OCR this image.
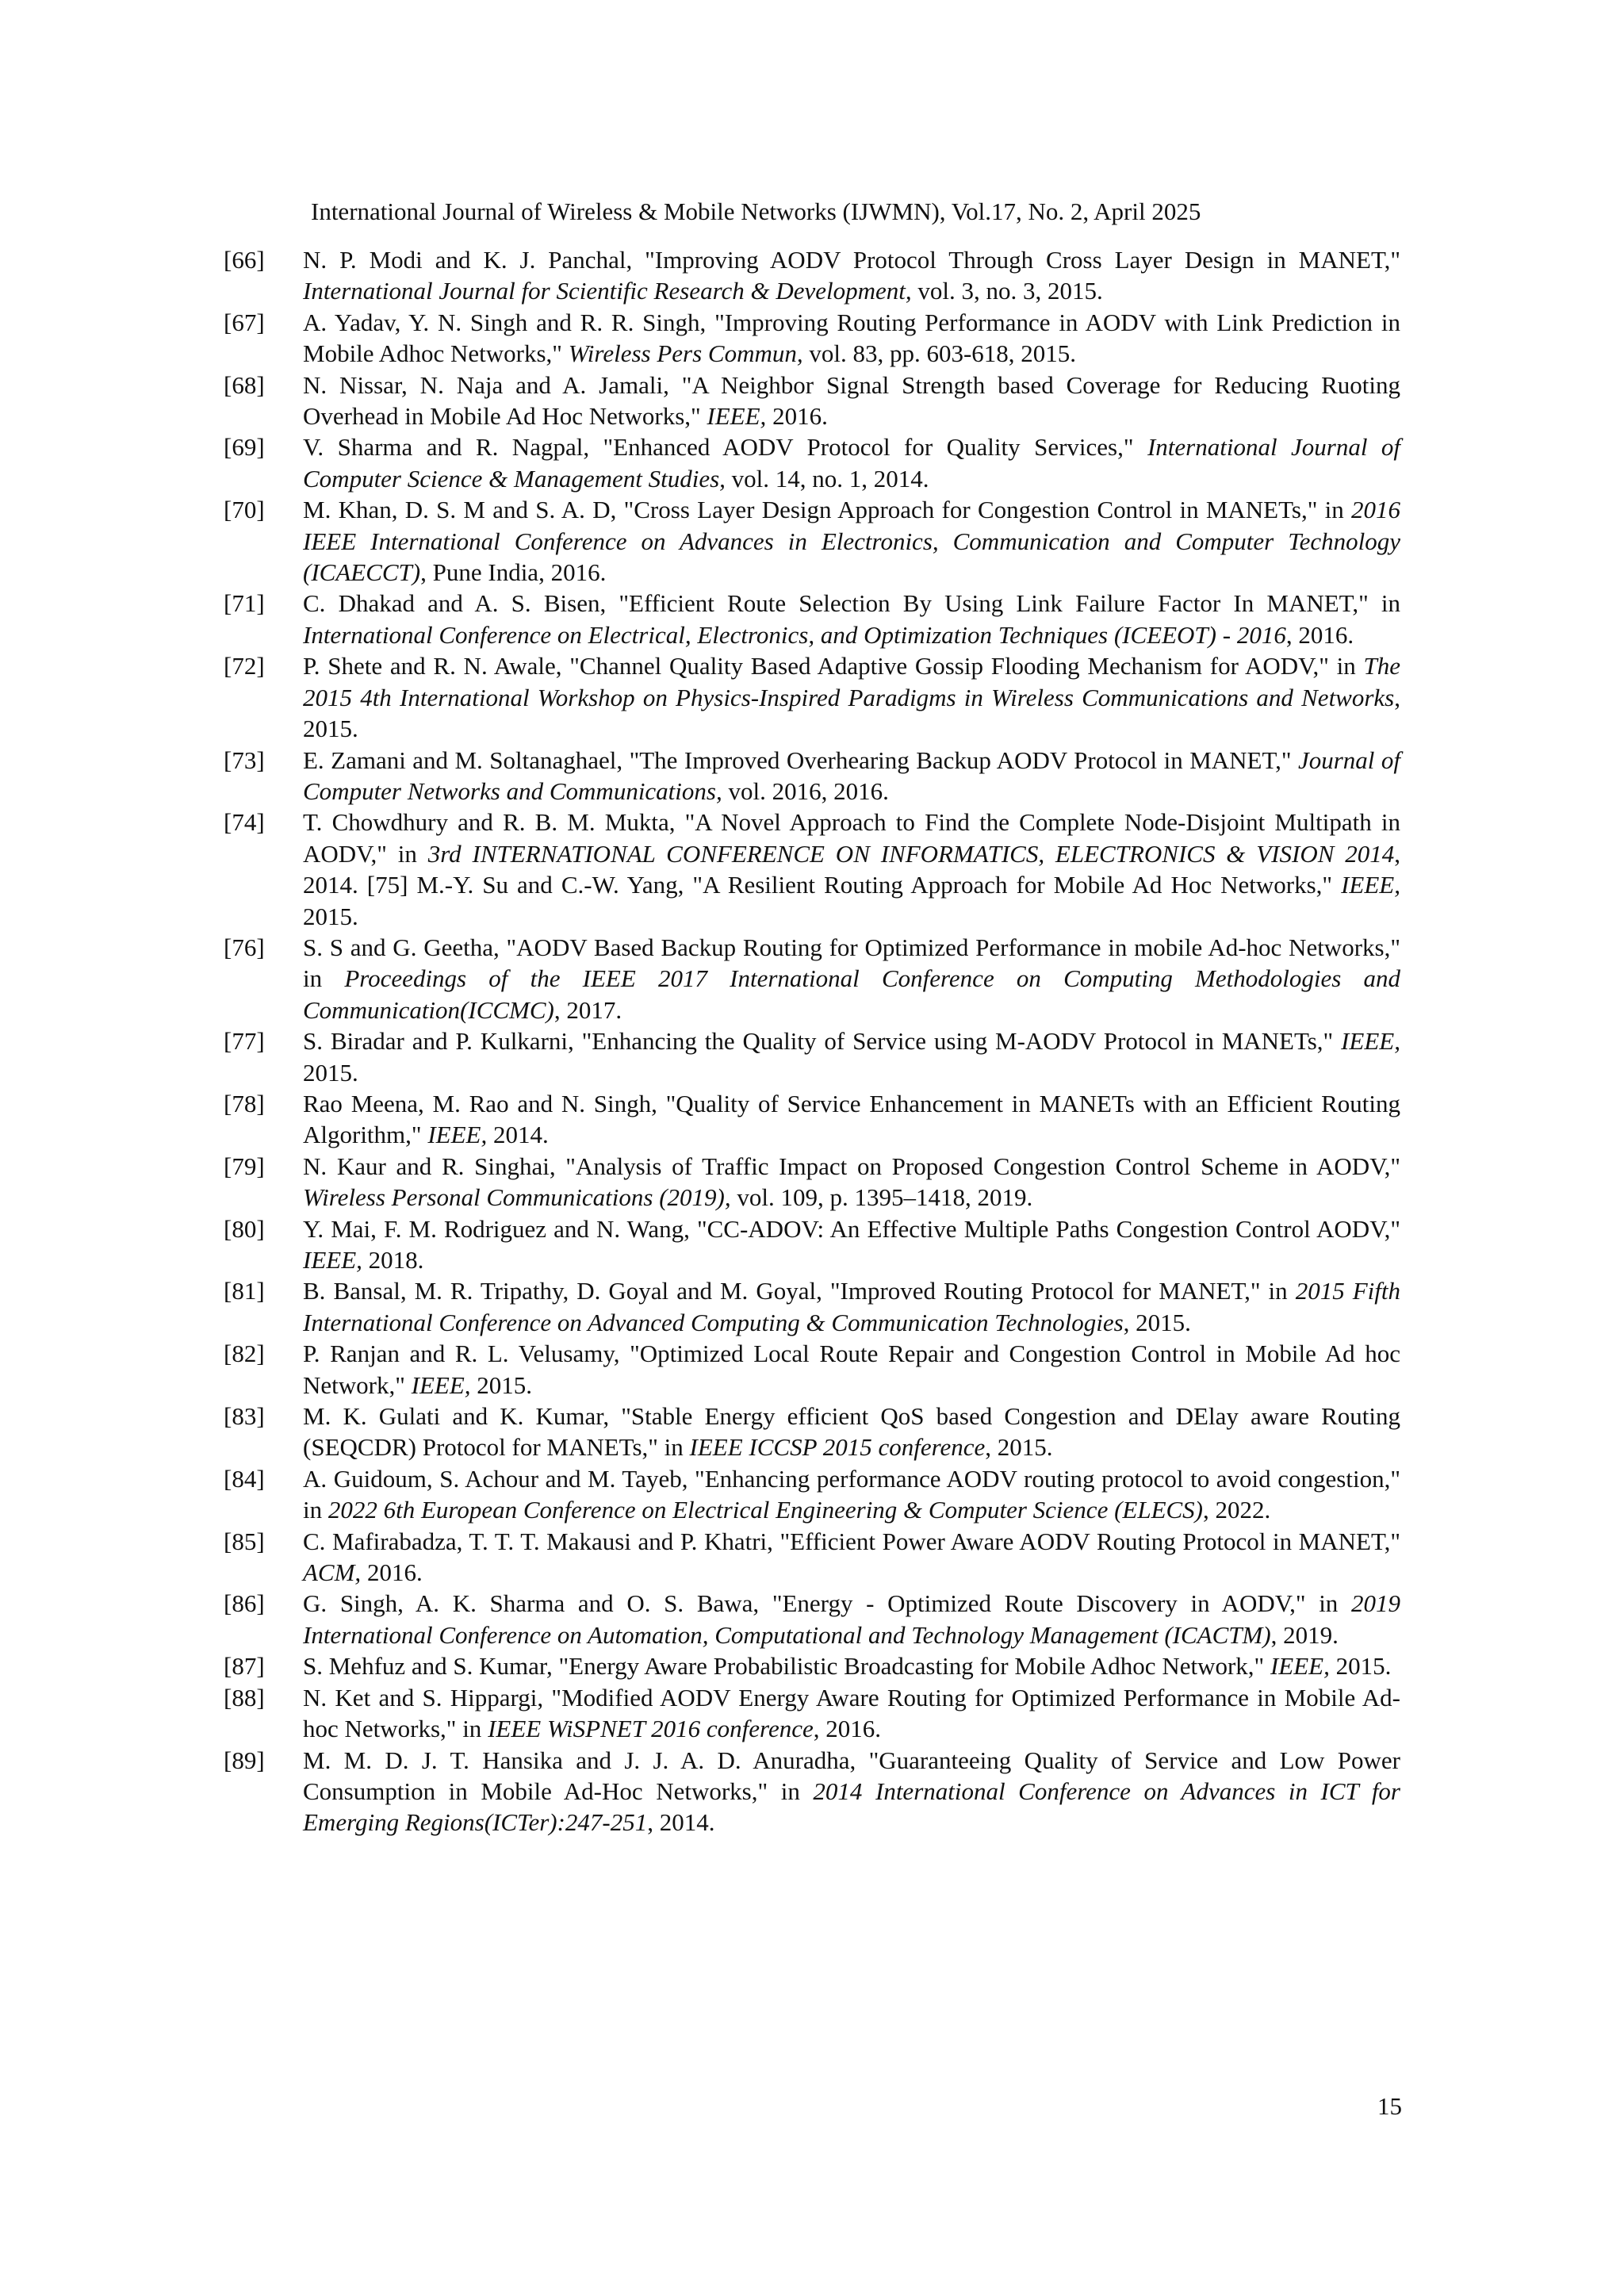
International Journal of Wireless & Mobile Networks (IJWMN), Vol.17, No. 2, April 2025
[66]	N. P. Modi and K. J. Panchal, "Improving AODV Protocol Through Cross Layer Design in MANET," International Journal for Scientific Research & Development, vol. 3, no. 3, 2015.
[67]	A. Yadav, Y. N. Singh and R. R. Singh, "Improving Routing Performance in AODV with Link Prediction in Mobile Adhoc Networks," Wireless Pers Commun, vol. 83, pp. 603-618, 2015.
[68]	N. Nissar, N. Naja and A. Jamali, "A Neighbor Signal Strength based Coverage for Reducing Ruoting Overhead in Mobile Ad Hoc Networks," IEEE, 2016.
[69]	V. Sharma and R. Nagpal, "Enhanced AODV Protocol for Quality Services," International Journal of Computer Science & Management Studies, vol. 14, no. 1, 2014.
[70]	M. Khan, D. S. M and S. A. D, "Cross Layer Design Approach for Congestion Control in MANETs," in 2016 IEEE International Conference on Advances in Electronics, Communication and Computer Technology (ICAECCT), Pune India, 2016.
[71]	C. Dhakad and A. S. Bisen, "Efficient Route Selection By Using Link Failure Factor In MANET," in International Conference on Electrical, Electronics, and Optimization Techniques (ICEEOT) - 2016, 2016.
[72]	P. Shete and R. N. Awale, "Channel Quality Based Adaptive Gossip Flooding Mechanism for AODV," in The 2015 4th International Workshop on Physics-Inspired Paradigms in Wireless Communications and Networks, 2015.
[73]	E. Zamani and M. Soltanaghael, "The Improved Overhearing Backup AODV Protocol in MANET," Journal of Computer Networks and Communications, vol. 2016, 2016.
[74]	T. Chowdhury and R. B. M. Mukta, "A Novel Approach to Find the Complete Node-Disjoint Multipath in AODV," in 3rd INTERNATIONAL CONFERENCE ON INFORMATICS, ELECTRONICS & VISION 2014, 2014. [75] M.-Y. Su and C.-W. Yang, "A Resilient Routing Approach for Mobile Ad Hoc Networks," IEEE, 2015.
[76]	S. S and G. Geetha, "AODV Based Backup Routing for Optimized Performance in mobile Ad-hoc Networks," in Proceedings of the IEEE 2017 International Conference on Computing Methodologies and Communication(ICCMC), 2017.
[77]	S. Biradar and P. Kulkarni, "Enhancing the Quality of Service using M-AODV Protocol in MANETs," IEEE, 2015.
[78]	Rao Meena, M. Rao and N. Singh, "Quality of Service Enhancement in MANETs with an Efficient Routing Algorithm," IEEE, 2014.
[79]	N. Kaur and R. Singhai, "Analysis of Traffic Impact on Proposed Congestion Control Scheme in AODV," Wireless Personal Communications (2019), vol. 109, p. 1395–1418, 2019.
[80]	Y. Mai, F. M. Rodriguez and N. Wang, "CC-ADOV: An Effective Multiple Paths Congestion Control AODV," IEEE, 2018.
[81]	B. Bansal, M. R. Tripathy, D. Goyal and M. Goyal, "Improved Routing Protocol for MANET," in 2015 Fifth International Conference on Advanced Computing & Communication Technologies, 2015.
[82]	P. Ranjan and R. L. Velusamy, "Optimized Local Route Repair and Congestion Control in Mobile Ad hoc Network," IEEE, 2015.
[83]	M. K. Gulati and K. Kumar, "Stable Energy efficient QoS based Congestion and DElay aware Routing (SEQCDR) Protocol for MANETs," in IEEE ICCSP 2015 conference, 2015.
[84]	A. Guidoum, S. Achour and M. Tayeb, "Enhancing performance AODV routing protocol to avoid congestion," in 2022 6th European Conference on Electrical Engineering & Computer Science (ELECS), 2022.
[85]	C. Mafirabadza, T. T. T. Makausi and P. Khatri, "Efficient Power Aware AODV Routing Protocol in MANET," ACM, 2016.
[86]	G. Singh, A. K. Sharma and O. S. Bawa, "Energy - Optimized Route Discovery in AODV," in 2019 International Conference on Automation, Computational and Technology Management (ICACTM), 2019.
[87]	S. Mehfuz and S. Kumar, "Energy Aware Probabilistic Broadcasting for Mobile Adhoc Network," IEEE, 2015.
[88]	N. Ket and S. Hippargi, "Modified AODV Energy Aware Routing for Optimized Performance in Mobile Ad-hoc Networks," in IEEE WiSPNET 2016 conference, 2016.
[89]	M. M. D. J. T. Hansika and J. J. A. D. Anuradha, "Guaranteeing Quality of Service and Low Power Consumption in Mobile Ad-Hoc Networks," in 2014 International Conference on Advances in ICT for Emerging Regions(ICTer):247-251, 2014.
15
